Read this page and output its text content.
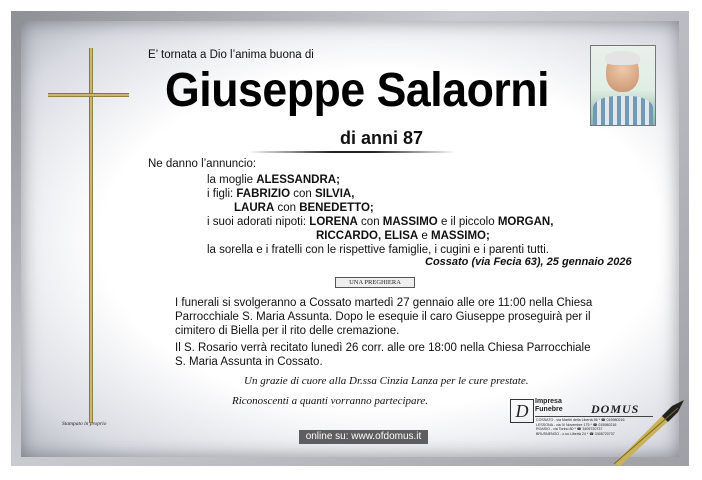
E’ tornata a Dio l’anima buona di

Giuseppe Salaorni

di anni 87

Ne danno l’annuncio:

la moglie ALESSANDRA;
i figli: FABRIZIO con SILVIA,
LAURA con BENEDETTO;
i suoi adorati nipoti: LORENA con MASSIMO e il piccolo MORGAN,
RICCARDO, ELISA e MASSIMO;
la sorella e i fratelli con le rispettive famiglie, i cugini e i parenti tutti.

Cossato (via Fecia 63), 25 gennaio 2026

UNA PREGHIERA
I funerali si svolgeranno a Cossato martedì 27 gennaio alle ore 11:00 nella Chiesa
Parrocchiale S. Maria Assunta. Dopo le esequie il caro Giuseppe proseguirà per il
cimitero di Biella per il rito delle cremazione.
Il S. Rosario verrà recitato lunedì 26 corr. alle ore 18:00 nella Chiesa Parrocchiale
S. Maria Assunta in Cossato.

Un grazie di cuore alla Dr.ssa Cinzia Lanza per le cure prestate.

Riconoscenti a quanti vorranno partecipare.

Stampato in proprio

online su: www.ofdomus.it
D Impresa
Funebre DOMUS
COSSATO - via Martiri della Libertà 56 * ☎ 015980216
LESSONA - via IV Novembre 175 * ☎ 015980216
ROASIO - via Torino 80 * ☎ 3405720737
BRUSNENGO - c.so Libertà 24 * ☎ 3405720737
